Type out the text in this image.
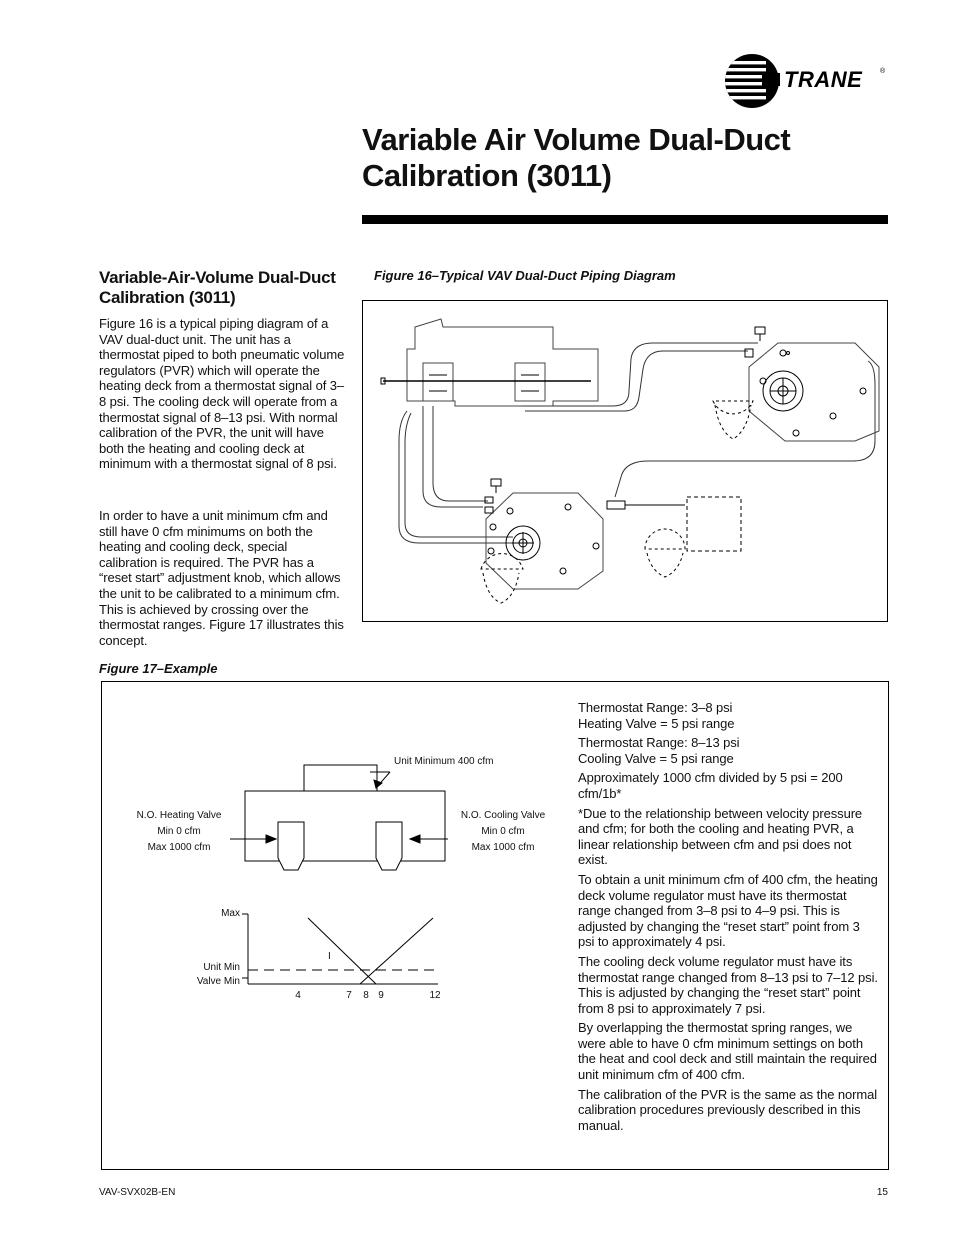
TRANE	®
Variable Air Volume Dual-Duct Calibration (3011)
Variable-Air-Volume Dual-Duct Calibration (3011)
Figure 16 is a typical piping diagram of a VAV dual-duct unit. The unit has a thermostat piped to both pneumatic volume regulators (PVR) which will operate the heating deck from a thermostat signal of 3–8 psi. The cooling deck will operate from a thermostat signal of 8–13 psi. With normal calibration of the PVR, the unit will have both the heating and cooling deck at minimum with a thermostat signal of 8 psi.
In order to have a unit minimum cfm and still have 0 cfm minimums on both the heating and cooling deck, special calibration is required. The PVR has a “reset start” adjustment knob, which allows the unit to be calibrated to a minimum cfm. This is achieved by crossing over the thermostat ranges. Figure 17 illustrates this concept.
Figure 16–Typical VAV Dual-Duct Piping Diagram
Figure 17–Example
Unit Minimum 400 cfm
N.O. Heating Valve
Min 0 cfm
Max 1000 cfm
N.O. Cooling Valve
Min 0 cfm
Max 1000 cfm
Max
Unit Min
Valve Min
4	7 8 9	12
I

Thermostat Range: 3–8 psi
Heating Valve = 5 psi range

Thermostat Range: 8–13 psi
Cooling Valve = 5 psi range

Approximately 1000 cfm divided by 5 psi = 200 cfm/1b*

*Due to the relationship between velocity pressure and cfm; for both the cooling and heating PVR, a linear relationship between cfm and psi does not exist.

To obtain a unit minimum cfm of 400 cfm, the heating deck volume regulator must have its thermostat range changed from 3–8 psi to 4–9 psi. This is adjusted by changing the “reset start” point from 3 psi to approximately 4 psi.

The cooling deck volume regulator must have its thermostat range changed from 8–13 psi to 7–12 psi. This is adjusted by changing the “reset start” point from 8 psi to approximately 7 psi.

By overlapping the thermostat spring ranges, we were able to have 0 cfm minimum settings on both the heat and cool deck and still maintain the required unit minimum cfm of 400 cfm.

The calibration of the PVR is the same as the normal calibration procedures previously described in this manual.

VAV-SVX02B-EN	15
